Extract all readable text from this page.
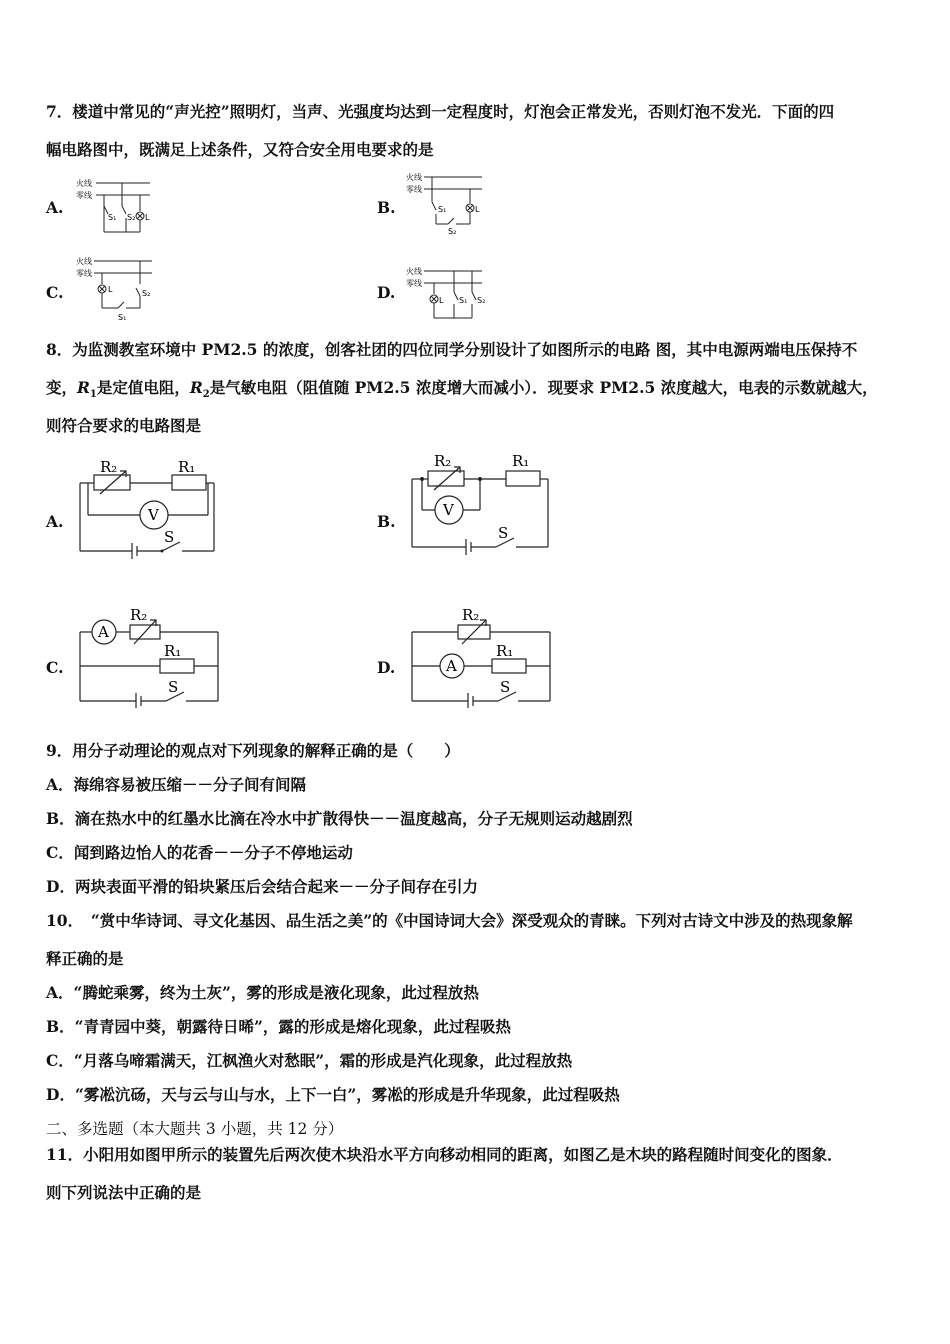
7．楼道中常见的“声光控”照明灯，当声、光强度均达到一定程度时，灯泡会正常发光，否则灯泡不发光．下面的四
幅电路图中，既满足上述条件，又符合安全用电要求的是
A.	B.
C.	D.
火线
零线
S₁ S₂ L
火线
零线
S₁
S₂
L
火线
零线
L	S₂
S₁
火线
零线
L S₁ S₂
8．为监测教室环境中 PM2.5 的浓度，创客社团的四位同学分别设计了如图所示的电路 图，其中电源两端电压保持不
变，$R_1$是定值电阻，$R_2$是气敏电阻（阻值随 PM2.5 浓度增大而减小）．现要求 PM2.5 浓度越大，电表的示数就越大，
则符合要求的电路图是
A.	B.
C.	D.
R₂	R₁
V
S
R₂	R₁
V
S
A
R₂
R₁
S
R₂
A
R₁
S
9．用分子动理论的观点对下列现象的解释正确的是（　　）
A．海绵容易被压缩－－分子间有间隔
B．滴在热水中的红墨水比滴在冷水中扩散得快－－温度越高，分子无规则运动越剧烈
C．闻到路边怡人的花香－－分子不停地运动
D．两块表面平滑的铅块紧压后会结合起来－－分子间存在引力
10．　“赏中华诗词、寻文化基因、品生活之美”的《中国诗词大会》深受观众的青睐。下列对古诗文中涉及的热现象解
释正确的是
A．“腾蛇乘雾，终为土灰”，雾的形成是液化现象，此过程放热
B．“青青园中葵，朝露待日晞”，露的形成是熔化现象，此过程吸热
C．“月落乌啼霜满天，江枫渔火对愁眠”，霜的形成是汽化现象，此过程放热
D．“雾凇沆砀，天与云与山与水，上下一白”，雾凇的形成是升华现象，此过程吸热
二、多选题（本大题共 3 小题，共 12 分）
11．小阳用如图甲所示的装置先后两次使木块沿水平方向移动相同的距离，如图乙是木块的路程随时间变化的图象．
则下列说法中正确的是
